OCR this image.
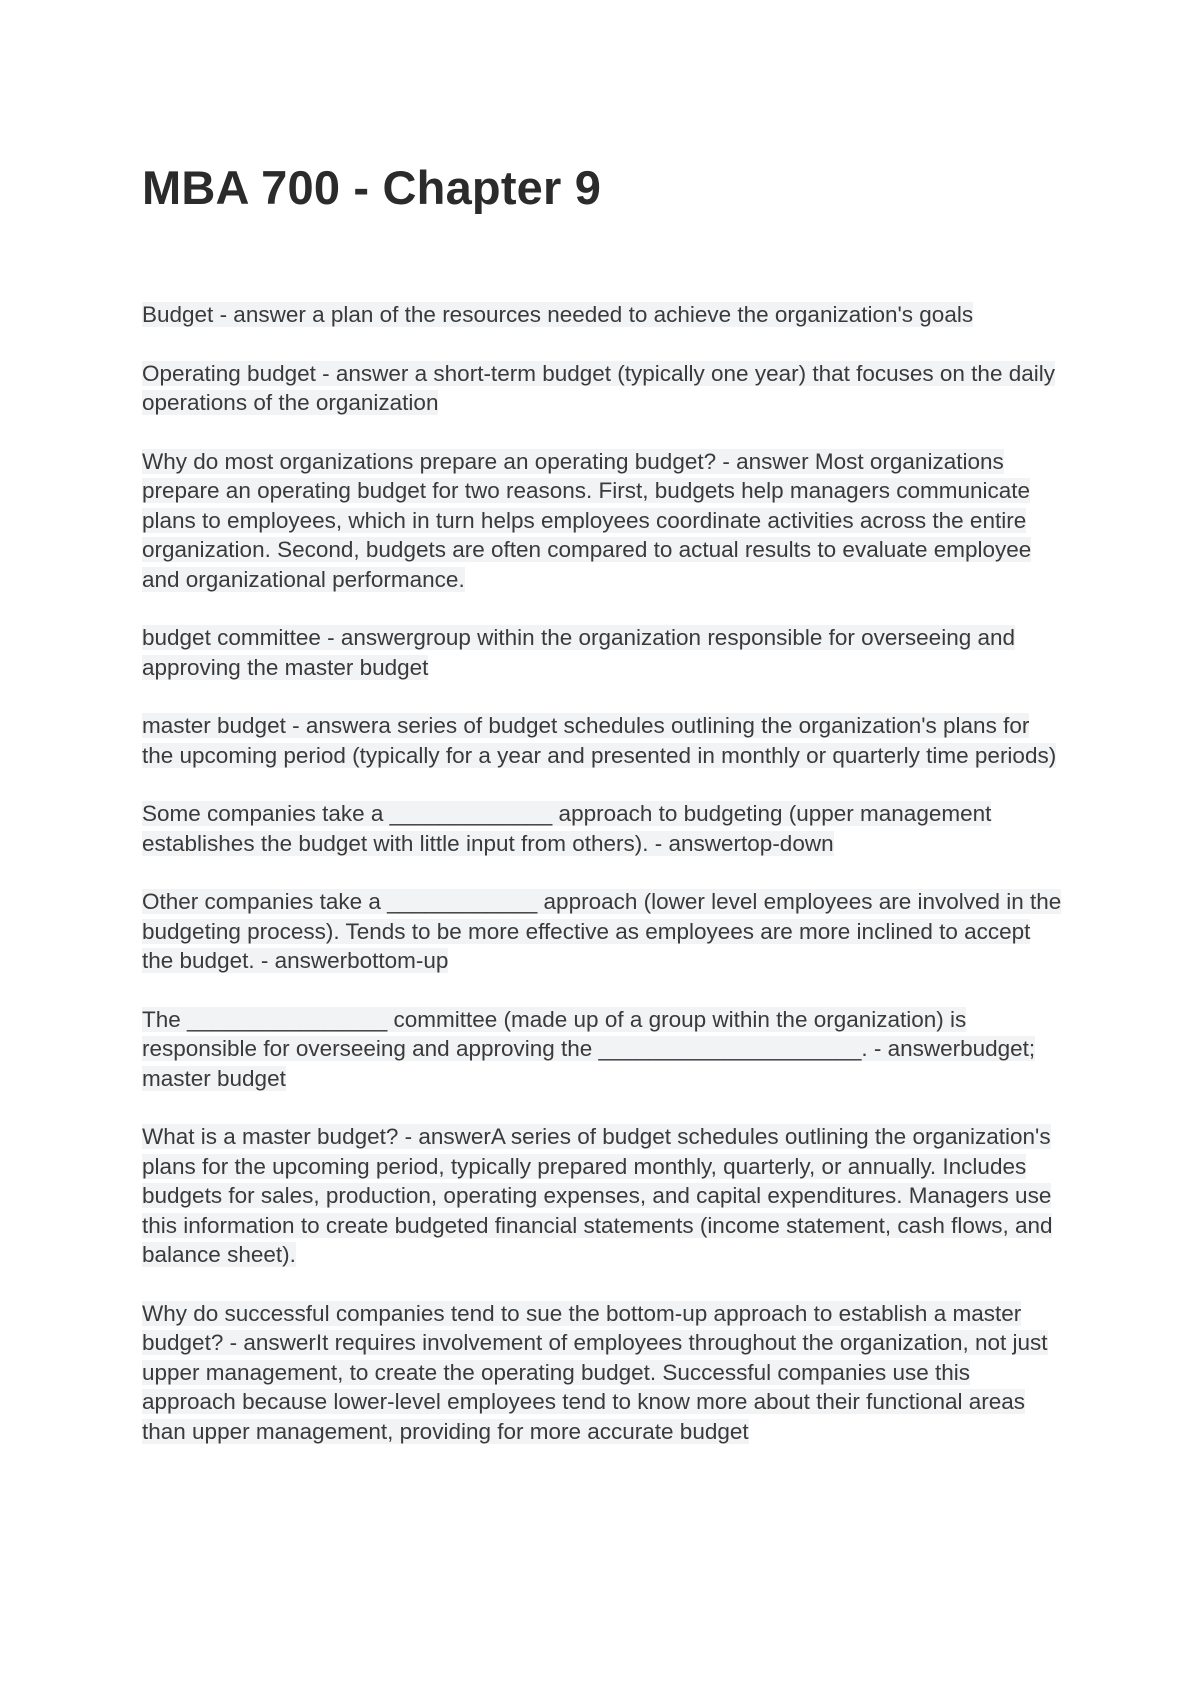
MBA 700 - Chapter 9

Budget - answer a plan of the resources needed to achieve the organization's goals

Operating budget - answer a short-term budget (typically one year) that focuses on the daily operations of the organization

Why do most organizations prepare an operating budget? - answer Most organizations prepare an operating budget for two reasons. First, budgets help managers communicate plans to employees, which in turn helps employees coordinate activities across the entire organization. Second, budgets are often compared to actual results to evaluate employee and organizational performance.

budget committee - answergroup within the organization responsible for overseeing and approving the master budget

master budget - answera series of budget schedules outlining the organization's plans for the upcoming period (typically for a year and presented in monthly or quarterly time periods)

Some companies take a _____________ approach to budgeting (upper management establishes the budget with little input from others). - answertop-down

Other companies take a ____________ approach (lower level employees are involved in the budgeting process). Tends to be more effective as employees are more inclined to accept the budget. - answerbottom-up

The ________________ committee (made up of a group within the organization) is responsible for overseeing and approving the _____________________. - answerbudget; master budget

What is a master budget? - answerA series of budget schedules outlining the organization's plans for the upcoming period, typically prepared monthly, quarterly, or annually. Includes budgets for sales, production, operating expenses, and capital expenditures. Managers use this information to create budgeted financial statements (income statement, cash flows, and balance sheet).

Why do successful companies tend to sue the bottom-up approach to establish a master budget? - answerIt requires involvement of employees throughout the organization, not just upper management, to create the operating budget. Successful companies use this approach because lower-level employees tend to know more about their functional areas than upper management, providing for more accurate budget
